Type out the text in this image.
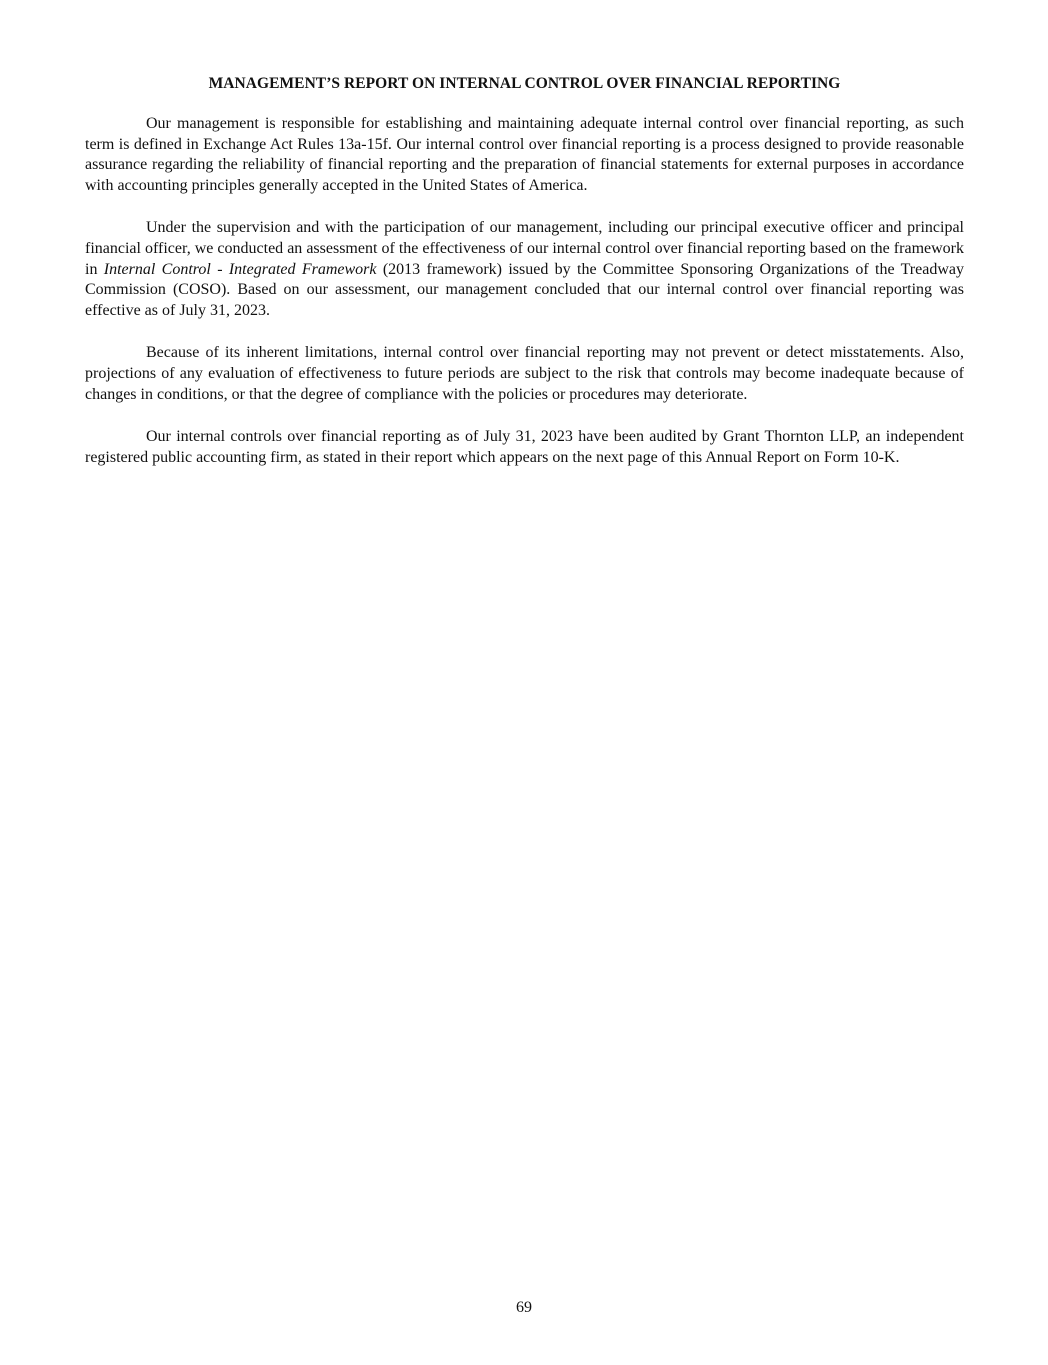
MANAGEMENT’S REPORT ON INTERNAL CONTROL OVER FINANCIAL REPORTING

Our management is responsible for establishing and maintaining adequate internal control over financial reporting, as such term is defined in Exchange Act Rules 13a-15f. Our internal control over financial reporting is a process designed to provide reasonable assurance regarding the reliability of financial reporting and the preparation of financial statements for external purposes in accordance with accounting principles generally accepted in the United States of America.

Under the supervision and with the participation of our management, including our principal executive officer and principal financial officer, we conducted an assessment of the effectiveness of our internal control over financial reporting based on the framework in Internal Control - Integrated Framework (2013 framework) issued by the Committee Sponsoring Organizations of the Treadway Commission (COSO). Based on our assessment, our management concluded that our internal control over financial reporting was effective as of July 31, 2023.

Because of its inherent limitations, internal control over financial reporting may not prevent or detect misstatements. Also, projections of any evaluation of effectiveness to future periods are subject to the risk that controls may become inadequate because of changes in conditions, or that the degree of compliance with the policies or procedures may deteriorate.

Our internal controls over financial reporting as of July 31, 2023 have been audited by Grant Thornton LLP, an independent registered public accounting firm, as stated in their report which appears on the next page of this Annual Report on Form 10-K.

69
